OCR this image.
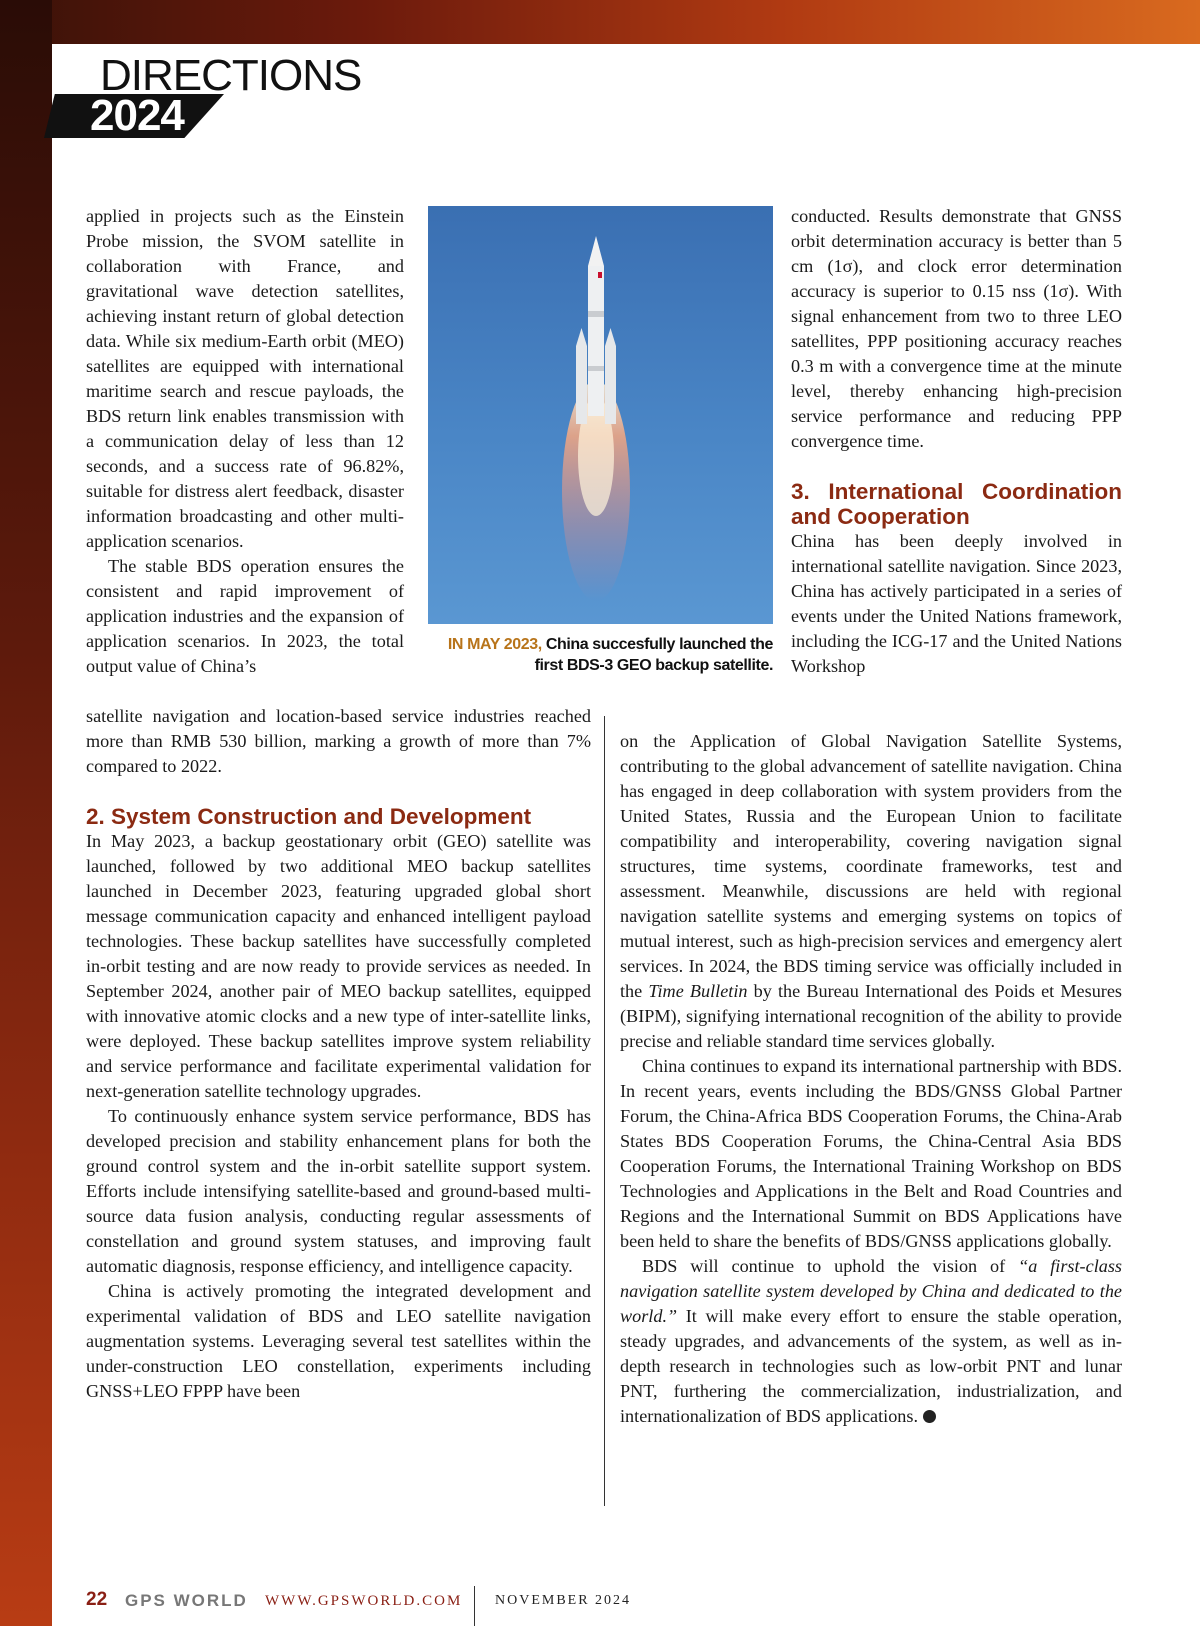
DIRECTIONS
2024

applied in projects such as the Einstein Probe mission, the SVOM satellite in collaboration with France, and gravitational wave detection satellites, achieving instant return of global detection data. While six medium-Earth orbit (MEO) satellites are equipped with international maritime search and rescue payloads, the BDS return link enables transmission with a communication delay of less than 12 seconds, and a success rate of 96.82%, suitable for distress alert feedback, disaster information broadcasting and other multi-application scenarios.

The stable BDS operation ensures the consistent and rapid improvement of application industries and the expansion of application scenarios. In 2023, the total output value of China’s

satellite navigation and location-based service industries reached more than RMB 530 billion, marking a growth of more than 7% compared to 2022.

2. System Construction and Development

In May 2023, a backup geostationary orbit (GEO) satellite was launched, followed by two additional MEO backup satellites launched in December 2023, featuring upgraded global short message communication capacity and enhanced intelligent payload technologies. These backup satellites have successfully completed in-orbit testing and are now ready to provide services as needed. In September 2024, another pair of MEO backup satellites, equipped with innovative atomic clocks and a new type of inter-satellite links, were deployed. These backup satellites improve system reliability and service performance and facilitate experimental validation for next-generation satellite technology upgrades.

To continuously enhance system service performance, BDS has developed precision and stability enhancement plans for both the ground control system and the in-orbit satellite support system. Efforts include intensifying satellite-based and ground-based multi-source data fusion analysis, conducting regular assessments of constellation and ground system statuses, and improving fault automatic diagnosis, response efficiency, and intelligence capacity.

China is actively promoting the integrated development and experimental validation of BDS and LEO satellite navigation augmentation systems. Leveraging several test satellites within the under-construction LEO constellation, experiments including GNSS+LEO FPPP have been

IN MAY 2023, China succesfully launched the first BDS-3 GEO backup satellite.

conducted. Results demonstrate that GNSS orbit determination accuracy is better than 5 cm (1σ), and clock error determination accuracy is superior to 0.15 nss (1σ). With signal enhancement from two to three LEO satellites, PPP positioning accuracy reaches 0.3 m with a convergence time at the minute level, thereby enhancing high-precision service performance and reducing PPP convergence time.

3. International Coordination and Cooperation

China has been deeply involved in international satellite navigation. Since 2023, China has actively participated in a series of events under the United Nations framework, including the ICG-17 and the United Nations Workshop

on the Application of Global Navigation Satellite Systems, contributing to the global advancement of satellite navigation. China has engaged in deep collaboration with system providers from the United States, Russia and the European Union to facilitate compatibility and interoperability, covering navigation signal structures, time systems, coordinate frameworks, test and assessment. Meanwhile, discussions are held with regional navigation satellite systems and emerging systems on topics of mutual interest, such as high-precision services and emergency alert services. In 2024, the BDS timing service was officially included in the Time Bulletin by the Bureau International des Poids et Mesures (BIPM), signifying international recognition of the ability to provide precise and reliable standard time services globally.

China continues to expand its international partnership with BDS. In recent years, events including the BDS/GNSS Global Partner Forum, the China-Africa BDS Cooperation Forums, the China-Arab States BDS Cooperation Forums, the China-Central Asia BDS Cooperation Forums, the International Training Workshop on BDS Technologies and Applications in the Belt and Road Countries and Regions and the International Summit on BDS Applications have been held to share the benefits of BDS/GNSS applications globally.

BDS will continue to uphold the vision of “a first-class navigation satellite system developed by China and dedicated to the world.” It will make every effort to ensure the stable operation, steady upgrades, and advancements of the system, as well as in-depth research in technologies such as low-orbit PNT and lunar PNT, furthering the commercialization, industrialization, and internationalization of BDS applications.

22 GPS WORLD WWW.GPSWORLD.COM NOVEMBER 2024
